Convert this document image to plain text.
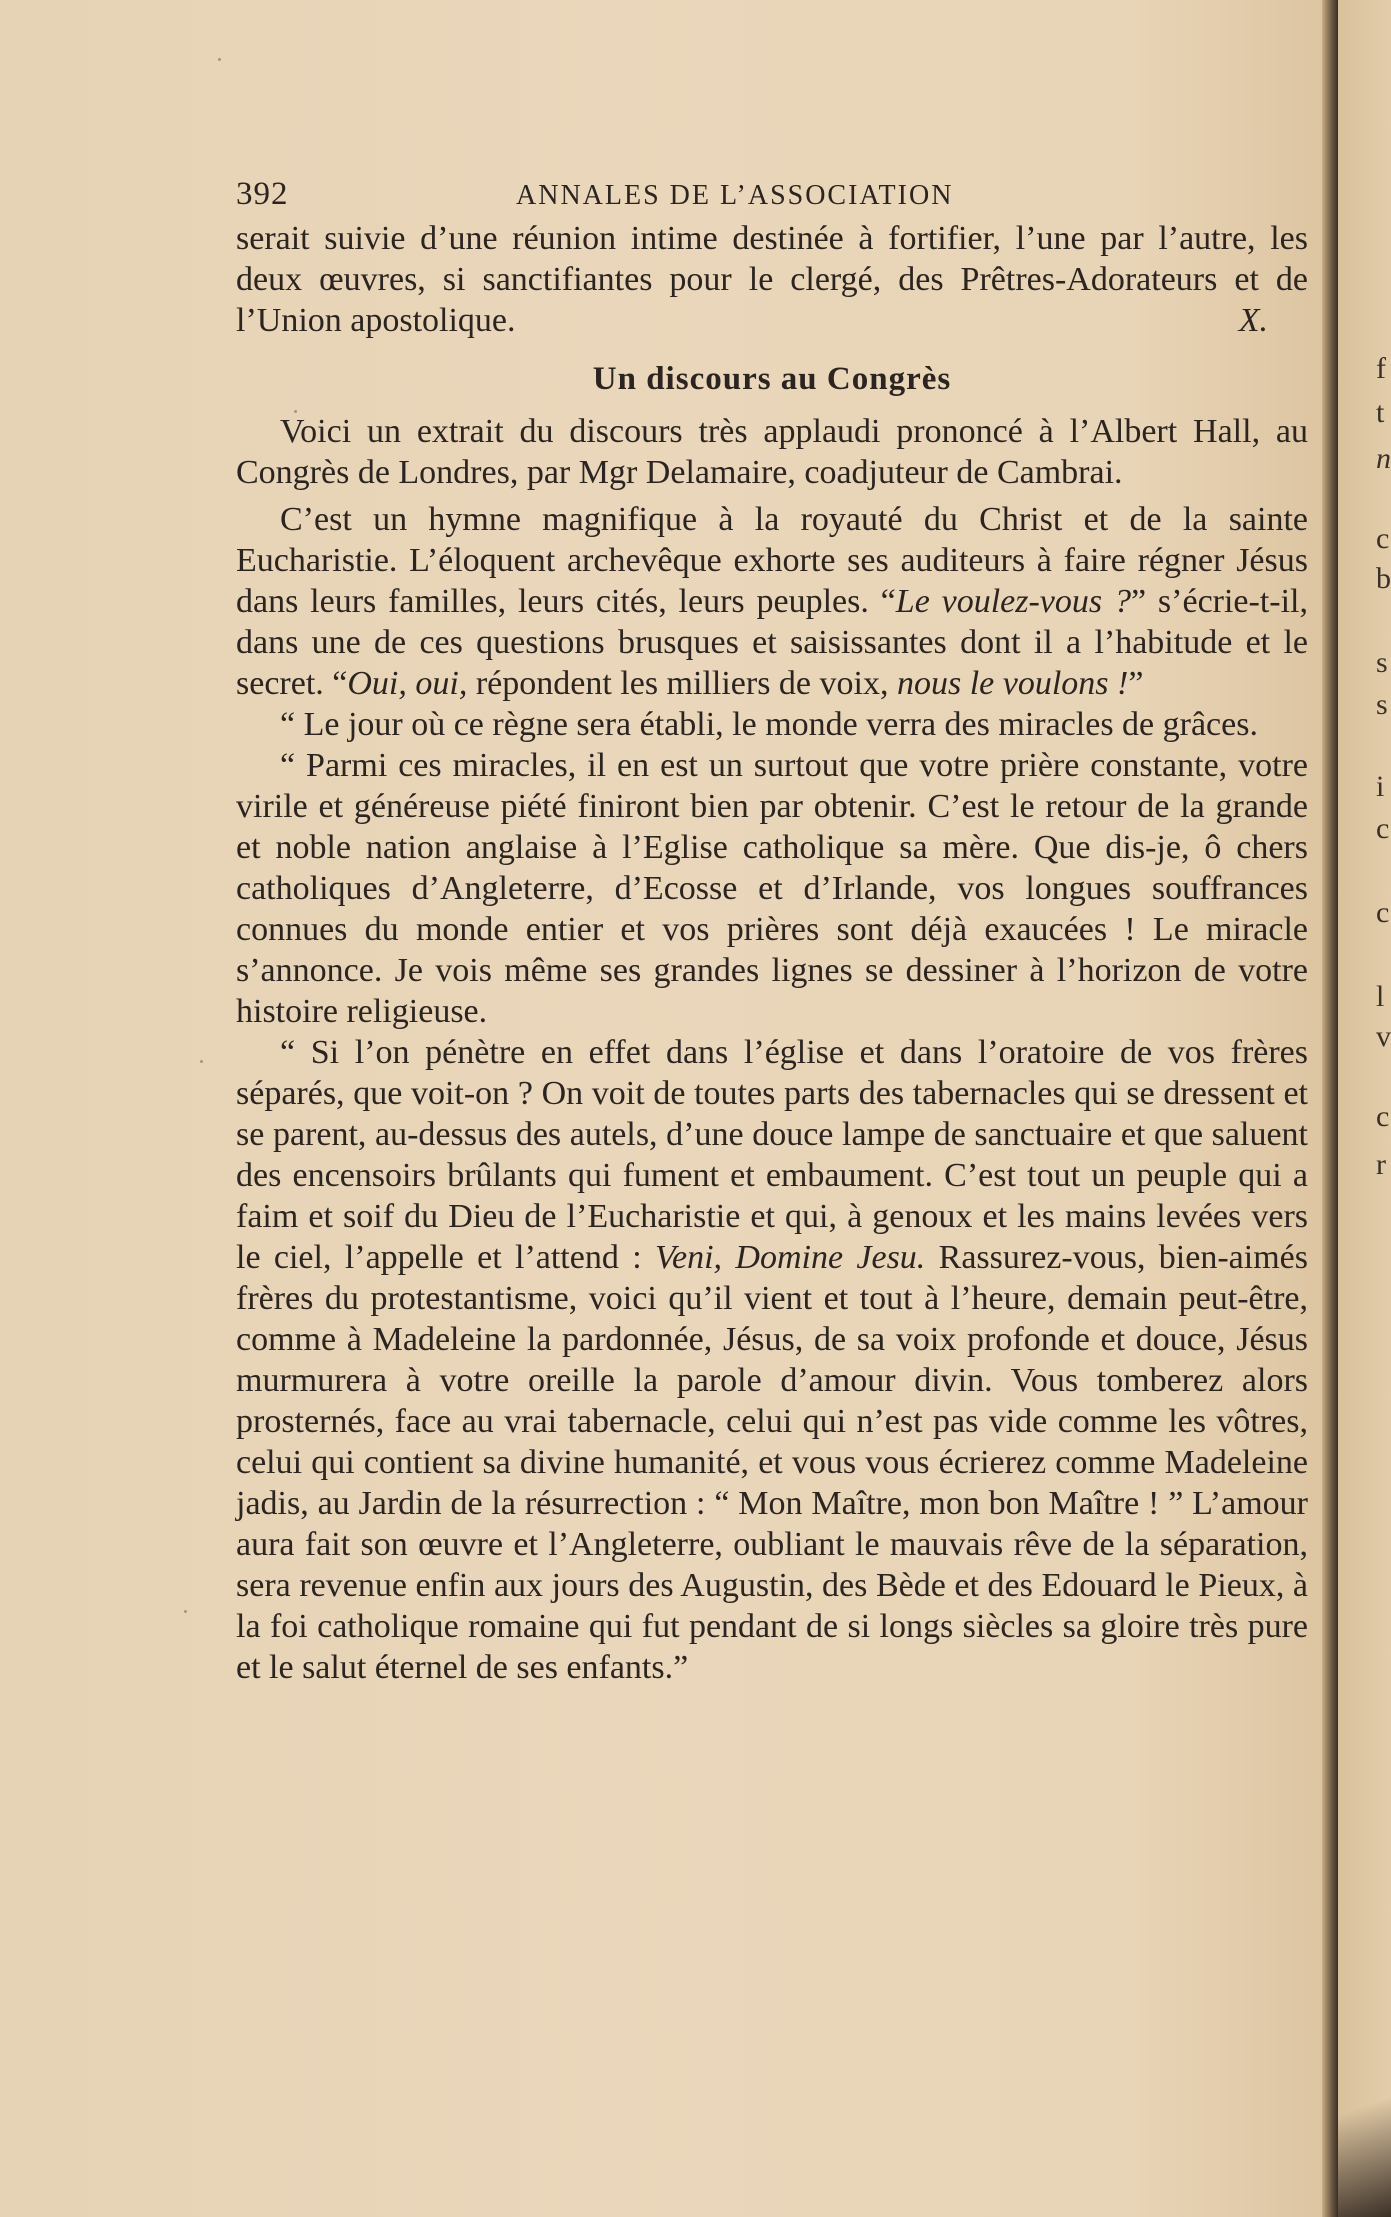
392	ANNALES DE L’ASSOCIATION

serait suivie d’une réunion intime destinée à fortifier, l’une par l’autre, les deux œuvres, si sanctifiantes pour le clergé, des Prêtres-Adorateurs et de l’Union apostolique.	X.

Un discours au Congrès

Voici un extrait du discours très applaudi prononcé à l’Albert Hall, au Congrès de Londres, par Mgr Delamaire, coadjuteur de Cambrai.

C’est un hymne magnifique à la royauté du Christ et de la sainte Eucharistie. L’éloquent archevêque exhorte ses auditeurs à faire régner Jésus dans leurs familles, leurs cités, leurs peuples. “Le voulez-vous ?” s’écrie-t-il, dans une de ces questions brusques et saisissantes dont il a l’habitude et le secret. “Oui, oui, répondent les milliers de voix, nous le voulons !”

“ Le jour où ce règne sera établi, le monde verra des miracles de grâces.

“ Parmi ces miracles, il en est un surtout que votre prière constante, votre virile et généreuse piété finiront bien par obtenir. C’est le retour de la grande et noble nation anglaise à l’Eglise catholique sa mère. Que dis-je, ô chers catholiques d’Angleterre, d’Ecosse et d’Irlande, vos longues souffrances connues du monde entier et vos prières sont déjà exaucées ! Le miracle s’annonce. Je vois même ses grandes lignes se dessiner à l’horizon de votre histoire religieuse.

“ Si l’on pénètre en effet dans l’église et dans l’oratoire de vos frères séparés, que voit-on ? On voit de toutes parts des tabernacles qui se dressent et se parent, au-dessus des autels, d’une douce lampe de sanctuaire et que saluent des encensoirs brûlants qui fument et embaument. C’est tout un peuple qui a faim et soif du Dieu de l’Eucharistie et qui, à genoux et les mains levées vers le ciel, l’appelle et l’attend : Veni, Domine Jesu. Rassurez-vous, bien-aimés frères du protestantisme, voici qu’il vient et tout à l’heure, demain peut-être, comme à Madeleine la pardonnée, Jésus, de sa voix profonde et douce, Jésus murmurera à votre oreille la parole d’amour divin. Vous tomberez alors prosternés, face au vrai tabernacle, celui qui n’est pas vide comme les vôtres, celui qui contient sa divine humanité, et vous vous écrierez comme Madeleine jadis, au Jardin de la résurrection : “ Mon Maître, mon bon Maître ! ” L’amour aura fait son œuvre et l’Angleterre, oubliant le mauvais rêve de la séparation, sera revenue enfin aux jours des Augustin, des Bède et des Edouard le Pieux, à la foi catholique romaine qui fut pendant de si longs siècles sa gloire très pure et le salut éternel de ses enfants.”

f
t
n
c
b
s
s
i
c
c
l
v
c
r
